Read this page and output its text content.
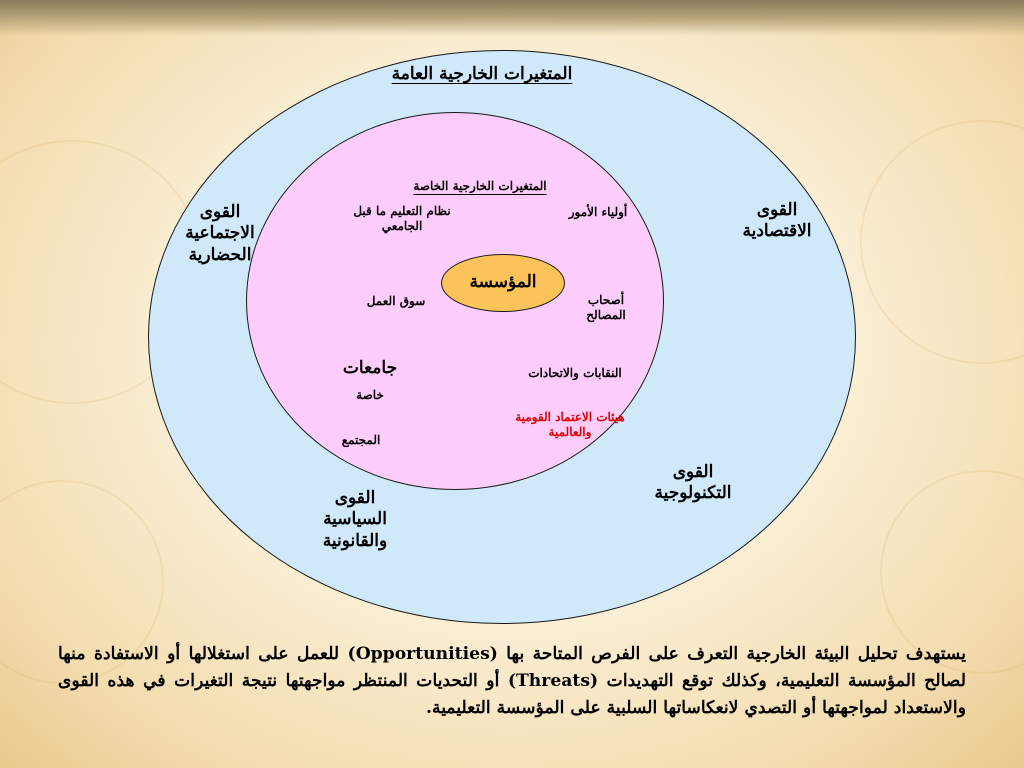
المؤسسة
المتغيرات الخارجية العامة
المتغيرات الخارجية الخاصة
القوى الاقتصادية
القوى الاجتماعية الحضارية
القوى التكنولوجية
القوى السياسية والقانونية
أولياء الأمور
نظام التعليم ما قبل الجامعي
سوق العمل	أصحاب المصالح
النقابات والاتحادات
جامعات
خاصة
هيئات الاعتماد القومية والعالمية
المجتمع
يستهدف تحليل البيئة الخارجية التعرف على الفرص المتاحة بها (Opportunities) للعمل على استغلالها أو الاستفادة منها لصالح المؤسسة التعليمية، وكذلك توقع التهديدات (Threats) أو التحديات المنتظر مواجهتها نتيجة التغيرات في هذه القوى والاستعداد لمواجهتها أو التصدي لانعكاساتها السلبية على المؤسسة التعليمية.
